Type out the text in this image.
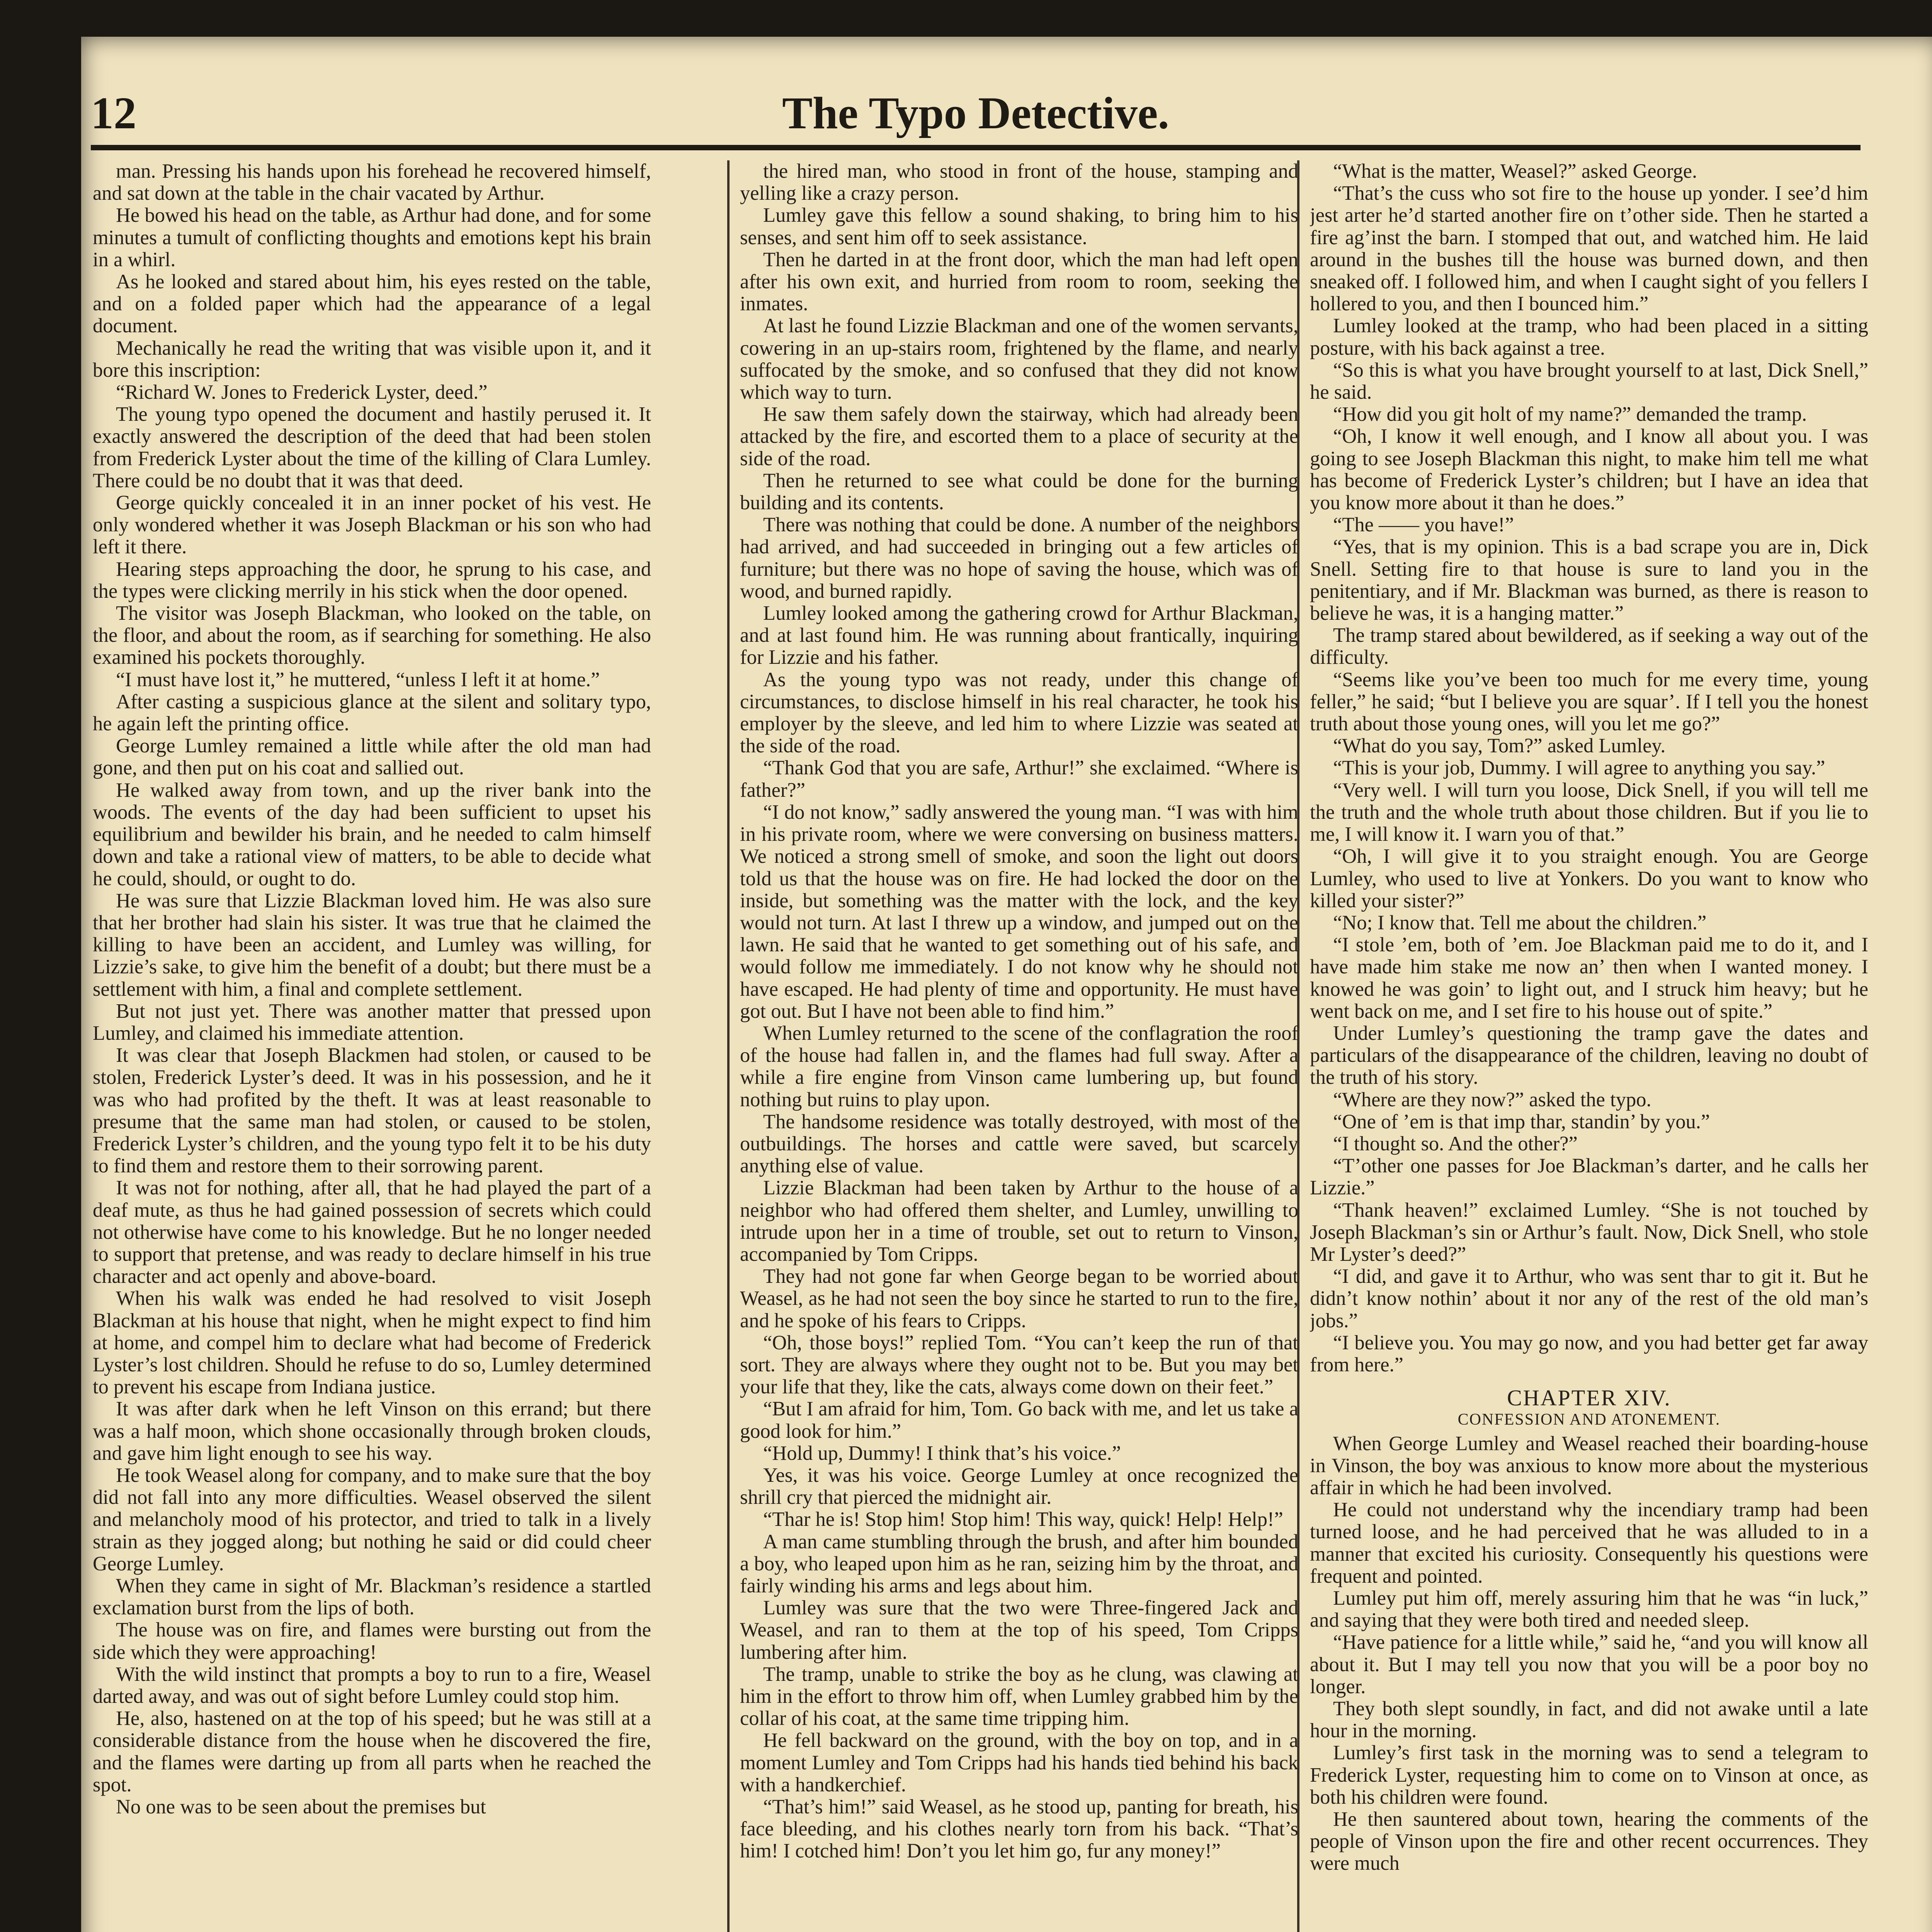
12	The Typo Detective.

man. Pressing his hands upon his forehead he recovered himself, and sat down at the table in the chair vacated by Arthur.

He bowed his head on the table, as Arthur had done, and for some minutes a tumult of conflicting thoughts and emotions kept his brain in a whirl.

As he looked and stared about him, his eyes rested on the table, and on a folded paper which had the appearance of a legal document.

Mechanically he read the writing that was visible upon it, and it bore this inscription:

“Richard W. Jones to Frederick Lyster, deed.”

The young typo opened the document and hastily perused it. It exactly answered the description of the deed that had been stolen from Frederick Lyster about the time of the killing of Clara Lumley. There could be no doubt that it was that deed.

George quickly concealed it in an inner pocket of his vest. He only wondered whether it was Joseph Blackman or his son who had left it there.

Hearing steps approaching the door, he sprung to his case, and the types were clicking merrily in his stick when the door opened.

The visitor was Joseph Blackman, who looked on the table, on the floor, and about the room, as if searching for something. He also examined his pockets thoroughly.

“I must have lost it,” he muttered, “unless I left it at home.”

After casting a suspicious glance at the silent and solitary typo, he again left the printing office.

George Lumley remained a little while after the old man had gone, and then put on his coat and sallied out.

He walked away from town, and up the river bank into the woods. The events of the day had been sufficient to upset his equilibrium and bewilder his brain, and he needed to calm himself down and take a rational view of matters, to be able to decide what he could, should, or ought to do.

He was sure that Lizzie Blackman loved him. He was also sure that her brother had slain his sister. It was true that he claimed the killing to have been an accident, and Lumley was willing, for Lizzie’s sake, to give him the benefit of a doubt; but there must be a settlement with him, a final and complete settlement.

But not just yet. There was another matter that pressed upon Lumley, and claimed his immediate attention.

It was clear that Joseph Blackmen had stolen, or caused to be stolen, Frederick Lyster’s deed. It was in his possession, and he it was who had profited by the theft. It was at least reasonable to presume that the same man had stolen, or caused to be stolen, Frederick Lyster’s children, and the young typo felt it to be his duty to find them and restore them to their sorrowing parent.

It was not for nothing, after all, that he had played the part of a deaf mute, as thus he had gained possession of secrets which could not otherwise have come to his knowledge. But he no longer needed to support that pretense, and was ready to declare himself in his true character and act openly and above-board.

When his walk was ended he had resolved to visit Joseph Blackman at his house that night, when he might expect to find him at home, and compel him to declare what had become of Frederick Lyster’s lost children. Should he refuse to do so, Lumley determined to prevent his escape from Indiana justice.

It was after dark when he left Vinson on this errand; but there was a half moon, which shone occasionally through broken clouds, and gave him light enough to see his way.

He took Weasel along for company, and to make sure that the boy did not fall into any more difficulties. Weasel observed the silent and melancholy mood of his protector, and tried to talk in a lively strain as they jogged along; but nothing he said or did could cheer George Lumley.

When they came in sight of Mr. Blackman’s residence a startled exclamation burst from the lips of both.

The house was on fire, and flames were bursting out from the side which they were approaching!

With the wild instinct that prompts a boy to run to a fire, Weasel darted away, and was out of sight before Lumley could stop him.

He, also, hastened on at the top of his speed; but he was still at a considerable distance from the house when he discovered the fire, and the flames were darting up from all parts when he reached the spot.

No one was to be seen about the premises but

the hired man, who stood in front of the house, stamping and yelling like a crazy person.

Lumley gave this fellow a sound shaking, to bring him to his senses, and sent him off to seek assistance.

Then he darted in at the front door, which the man had left open after his own exit, and hurried from room to room, seeking the inmates.

At last he found Lizzie Blackman and one of the women servants, cowering in an up-stairs room, frightened by the flame, and nearly suffocated by the smoke, and so confused that they did not know which way to turn.

He saw them safely down the stairway, which had already been attacked by the fire, and escorted them to a place of security at the side of the road.

Then he returned to see what could be done for the burning building and its contents.

There was nothing that could be done. A number of the neighbors had arrived, and had succeeded in bringing out a few articles of furniture; but there was no hope of saving the house, which was of wood, and burned rapidly.

Lumley looked among the gathering crowd for Arthur Blackman, and at last found him. He was running about frantically, inquiring for Lizzie and his father.

As the young typo was not ready, under this change of circumstances, to disclose himself in his real character, he took his employer by the sleeve, and led him to where Lizzie was seated at the side of the road.

“Thank God that you are safe, Arthur!” she exclaimed. “Where is father?”

“I do not know,” sadly answered the young man. “I was with him in his private room, where we were conversing on business matters. We noticed a strong smell of smoke, and soon the light out doors told us that the house was on fire. He had locked the door on the inside, but something was the matter with the lock, and the key would not turn. At last I threw up a window, and jumped out on the lawn. He said that he wanted to get something out of his safe, and would follow me immediately. I do not know why he should not have escaped. He had plenty of time and opportunity. He must have got out. But I have not been able to find him.”

When Lumley returned to the scene of the conflagration the roof of the house had fallen in, and the flames had full sway. After a while a fire engine from Vinson came lumbering up, but found nothing but ruins to play upon.

The handsome residence was totally destroyed, with most of the outbuildings. The horses and cattle were saved, but scarcely anything else of value.

Lizzie Blackman had been taken by Arthur to the house of a neighbor who had offered them shelter, and Lumley, unwilling to intrude upon her in a time of trouble, set out to return to Vinson, accompanied by Tom Cripps.

They had not gone far when George began to be worried about Weasel, as he had not seen the boy since he started to run to the fire, and he spoke of his fears to Cripps.

“Oh, those boys!” replied Tom. “You can’t keep the run of that sort. They are always where they ought not to be. But you may bet your life that they, like the cats, always come down on their feet.”

“But I am afraid for him, Tom. Go back with me, and let us take a good look for him.”

“Hold up, Dummy! I think that’s his voice.”

Yes, it was his voice. George Lumley at once recognized the shrill cry that pierced the midnight air.

“Thar he is! Stop him! Stop him! This way, quick! Help! Help!”

A man came stumbling through the brush, and after him bounded a boy, who leaped upon him as he ran, seizing him by the throat, and fairly winding his arms and legs about him.

Lumley was sure that the two were Three-fingered Jack and Weasel, and ran to them at the top of his speed, Tom Cripps lumbering after him.

The tramp, unable to strike the boy as he clung, was clawing at him in the effort to throw him off, when Lumley grabbed him by the collar of his coat, at the same time tripping him.

He fell backward on the ground, with the boy on top, and in a moment Lumley and Tom Cripps had his hands tied behind his back with a handkerchief.

“That’s him!” said Weasel, as he stood up, panting for breath, his face bleeding, and his clothes nearly torn from his back. “That’s him! I cotched him! Don’t you let him go, fur any money!”

“What is the matter, Weasel?” asked George.

“That’s the cuss who sot fire to the house up yonder. I see’d him jest arter he’d started another fire on t’other side. Then he started a fire ag’inst the barn. I stomped that out, and watched him. He laid around in the bushes till the house was burned down, and then sneaked off. I followed him, and when I caught sight of you fellers I hollered to you, and then I bounced him.”

Lumley looked at the tramp, who had been placed in a sitting posture, with his back against a tree.

“So this is what you have brought yourself to at last, Dick Snell,” he said.

“How did you git holt of my name?” demanded the tramp.

“Oh, I know it well enough, and I know all about you. I was going to see Joseph Blackman this night, to make him tell me what has become of Frederick Lyster’s children; but I have an idea that you know more about it than he does.”

“The —— you have!”

“Yes, that is my opinion. This is a bad scrape you are in, Dick Snell. Setting fire to that house is sure to land you in the penitentiary, and if Mr. Blackman was burned, as there is reason to believe he was, it is a hanging matter.”

The tramp stared about bewildered, as if seeking a way out of the difficulty.

“Seems like you’ve been too much for me every time, young feller,” he said; “but I believe you are squar’. If I tell you the honest truth about those young ones, will you let me go?”

“What do you say, Tom?” asked Lumley.

“This is your job, Dummy. I will agree to anything you say.”

“Very well. I will turn you loose, Dick Snell, if you will tell me the truth and the whole truth about those children. But if you lie to me, I will know it. I warn you of that.”

“Oh, I will give it to you straight enough. You are George Lumley, who used to live at Yonkers. Do you want to know who killed your sister?”

“No; I know that. Tell me about the children.”

“I stole ’em, both of ’em. Joe Blackman paid me to do it, and I have made him stake me now an’ then when I wanted money. I knowed he was goin’ to light out, and I struck him heavy; but he went back on me, and I set fire to his house out of spite.”

Under Lumley’s questioning the tramp gave the dates and particulars of the disappearance of the children, leaving no doubt of the truth of his story.

“Where are they now?” asked the typo.

“One of ’em is that imp thar, standin’ by you.”

“I thought so. And the other?”

“T’other one passes for Joe Blackman’s darter, and he calls her Lizzie.”

“Thank heaven!” exclaimed Lumley. “She is not touched by Joseph Blackman’s sin or Arthur’s fault. Now, Dick Snell, who stole Mr Lyster’s deed?”

“I did, and gave it to Arthur, who was sent thar to git it. But he didn’t know nothin’ about it nor any of the rest of the old man’s jobs.”

“I believe you. You may go now, and you had better get far away from here.”

CHAPTER XIV.
CONFESSION AND ATONEMENT.

When George Lumley and Weasel reached their boarding-house in Vinson, the boy was anxious to know more about the mysterious affair in which he had been involved.

He could not understand why the incendiary tramp had been turned loose, and he had perceived that he was alluded to in a manner that excited his curiosity. Consequently his questions were frequent and pointed.

Lumley put him off, merely assuring him that he was “in luck,” and saying that they were both tired and needed sleep.

“Have patience for a little while,” said he, “and you will know all about it. But I may tell you now that you will be a poor boy no longer.

They both slept soundly, in fact, and did not awake until a late hour in the morning.

Lumley’s first task in the morning was to send a telegram to Frederick Lyster, requesting him to come on to Vinson at once, as both his children were found.

He then sauntered about town, hearing the comments of the people of Vinson upon the fire and other recent occurrences. They were much
